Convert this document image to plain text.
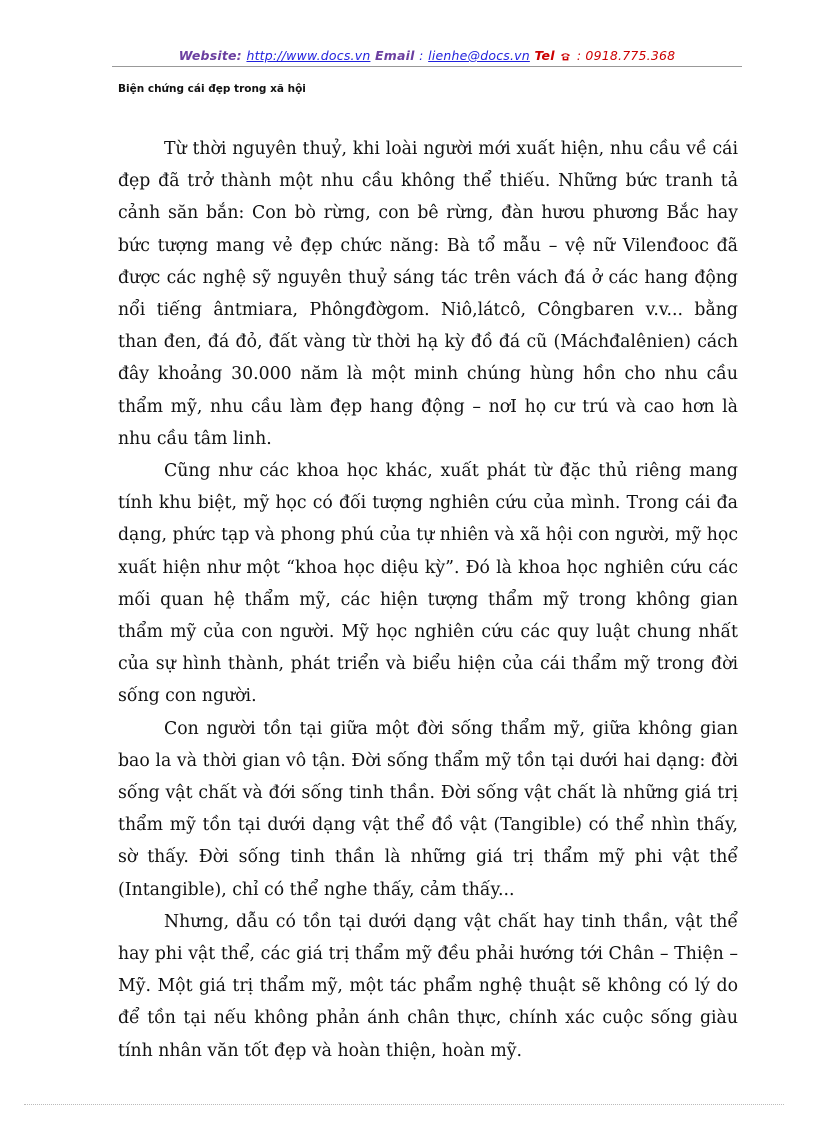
Website: http://www.docs.vn Email : lienhe@docs.vn Tel : 0918.775.368
Biện chứng cái đẹp trong xã hội

Từ thời nguyên thuỷ, khi loài người mới xuất hiện, nhu cầu về cái đẹp đã trở thành một nhu cầu không thể thiếu. Những bức tranh tả cảnh săn bắn: Con bò rừng, con bê rừng, đàn hươu phương Bắc hay bức tượng mang vẻ đẹp chức năng: Bà tổ mẫu – vệ nữ Vilenđooc đã được các nghệ sỹ nguyên thuỷ sáng tác trên vách đá ở các hang động nổi tiếng ântmiara, Phôngđờgom. Niô,látcô, Côngbaren v.v... bằng than đen, đá đỏ, đất vàng từ thời hạ kỳ đồ đá cũ (Máchđalênien) cách đây khoảng 30.000 năm là một minh chúng hùng hồn cho nhu cầu thẩm mỹ, nhu cầu làm đẹp hang động – nơI họ cư trú và cao hơn là nhu cầu tâm linh.

Cũng như các khoa học khác, xuất phát từ đặc thủ riêng mang tính khu biệt, mỹ học có đối tượng nghiên cứu của mình. Trong cái đa dạng, phức tạp và phong phú của tự nhiên và xã hội con người, mỹ học xuất hiện như một “khoa học diệu kỳ”. Đó là khoa học nghiên cứu các mối quan hệ thẩm mỹ, các hiện tượng thẩm mỹ trong không gian thẩm mỹ của con người. Mỹ học nghiên cứu các quy luật chung nhất của sự hình thành, phát triển và biểu hiện của cái thẩm mỹ trong đời sống con người.

Con người tồn tại giữa một đời sống thẩm mỹ, giữa không gian bao la và thời gian vô tận. Đời sống thẩm mỹ tồn tại dưới hai dạng: đời sống vật chất và đới sống tinh thần. Đời sống vật chất là những giá trị thẩm mỹ tồn tại dưới dạng vật thể đồ vật (Tangible) có thể nhìn thấy, sờ thấy. Đời sống tinh thần là những giá trị thẩm mỹ phi vật thể (Intangible), chỉ có thể nghe thấy, cảm thấy...

Nhưng, dẫu có tồn tại dưới dạng vật chất hay tinh thần, vật thể hay phi vật thể, các giá trị thẩm mỹ đều phải hướng tới Chân – Thiện – Mỹ. Một giá trị thẩm mỹ, một tác phẩm nghệ thuật sẽ không có lý do để tồn tại nếu không phản ánh chân thực, chính xác cuộc sống giàu tính nhân văn tốt đẹp và hoàn thiện, hoàn mỹ.
